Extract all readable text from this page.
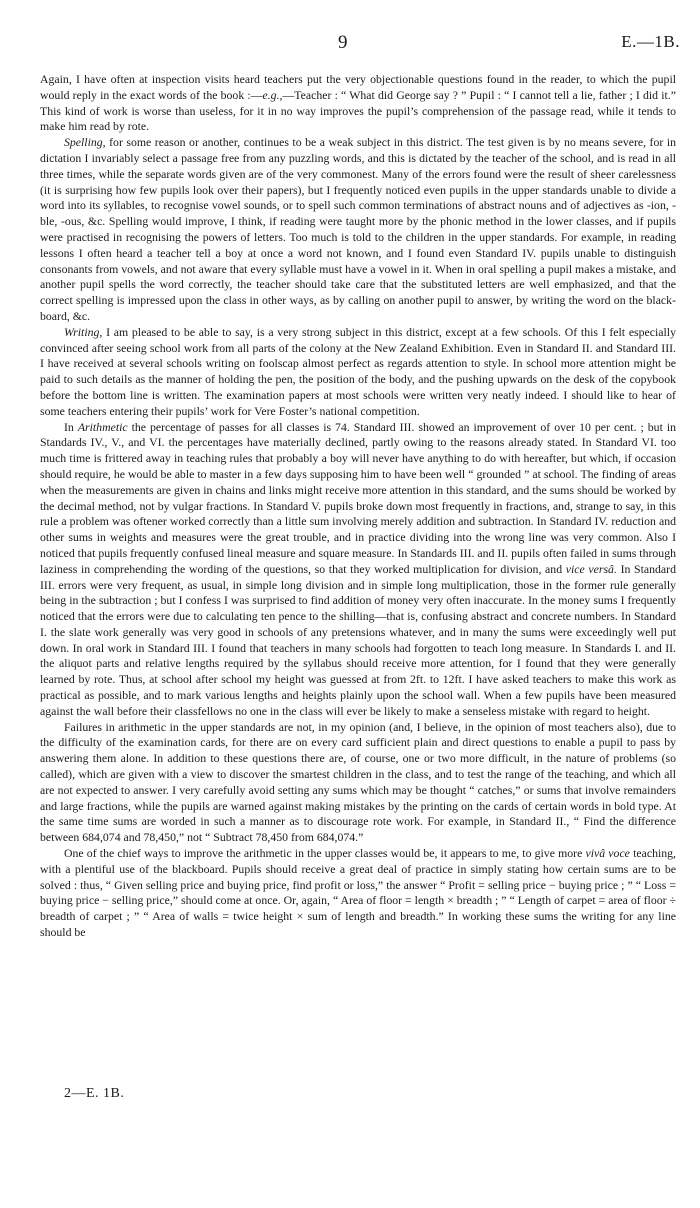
9	E.—1B.

Again, I have often at inspection visits heard teachers put the very objectionable questions found in the reader, to which the pupil would reply in the exact words of the book :—e.g.,—Teacher : “ What did George say ? ” Pupil : “ I cannot tell a lie, father ; I did it.” This kind of work is worse than useless, for it in no way improves the pupil’s comprehension of the passage read, while it tends to make him read by rote.

Spelling, for some reason or another, continues to be a weak subject in this district. The test given is by no means severe, for in dictation I invariably select a passage free from any puzzling words, and this is dictated by the teacher of the school, and is read in all three times, while the separate words given are of the very commonest. Many of the errors found were the result of sheer carelessness (it is surprising how few pupils look over their papers), but I frequently noticed even pupils in the upper standards unable to divide a word into its syllables, to recognise vowel sounds, or to spell such common terminations of abstract nouns and of adjectives as -ion, -ble, -ous, &c. Spelling would improve, I think, if reading were taught more by the phonic method in the lower classes, and if pupils were practised in recognising the powers of letters. Too much is told to the children in the upper standards. For example, in reading lessons I often heard a teacher tell a boy at once a word not known, and I found even Standard IV. pupils unable to distinguish consonants from vowels, and not aware that every syllable must have a vowel in it. When in oral spelling a pupil makes a mistake, and another pupil spells the word correctly, the teacher should take care that the substituted letters are well emphasized, and that the correct spelling is impressed upon the class in other ways, as by calling on another pupil to answer, by writing the word on the black-board, &c.

Writing, I am pleased to be able to say, is a very strong subject in this district, except at a few schools. Of this I felt especially convinced after seeing school work from all parts of the colony at the New Zealand Exhibition. Even in Standard II. and Standard III. I have received at several schools writing on foolscap almost perfect as regards attention to style. In school more attention might be paid to such details as the manner of holding the pen, the position of the body, and the pushing upwards on the desk of the copybook before the bottom line is written. The examination papers at most schools were written very neatly indeed. I should like to hear of some teachers entering their pupils’ work for Vere Foster’s national competition.

In Arithmetic the percentage of passes for all classes is 74. Standard III. showed an improvement of over 10 per cent. ; but in Standards IV., V., and VI. the percentages have materially declined, partly owing to the reasons already stated. In Standard VI. too much time is frittered away in teaching rules that probably a boy will never have anything to do with hereafter, but which, if occasion should require, he would be able to master in a few days supposing him to have been well “ grounded ” at school. The finding of areas when the measurements are given in chains and links might receive more attention in this standard, and the sums should be worked by the decimal method, not by vulgar fractions. In Standard V. pupils broke down most frequently in fractions, and, strange to say, in this rule a problem was oftener worked correctly than a little sum involving merely addition and subtraction. In Standard IV. reduction and other sums in weights and measures were the great trouble, and in practice dividing into the wrong line was very common. Also I noticed that pupils frequently confused lineal measure and square measure. In Standards III. and II. pupils often failed in sums through laziness in comprehending the wording of the questions, so that they worked multiplication for division, and vice versâ. In Standard III. errors were very frequent, as usual, in simple long division and in simple long multiplication, those in the former rule generally being in the subtraction ; but I confess I was surprised to find addition of money very often inaccurate. In the money sums I frequently noticed that the errors were due to calculating ten pence to the shilling—that is, confusing abstract and concrete numbers. In Standard I. the slate work generally was very good in schools of any pretensions whatever, and in many the sums were exceedingly well put down. In oral work in Standard III. I found that teachers in many schools had forgotten to teach long measure. In Standards I. and II. the aliquot parts and relative lengths required by the syllabus should receive more attention, for I found that they were generally learned by rote. Thus, at school after school my height was guessed at from 2ft. to 12ft. I have asked teachers to make this work as practical as possible, and to mark various lengths and heights plainly upon the school wall. When a few pupils have been measured against the wall before their classfellows no one in the class will ever be likely to make a senseless mistake with regard to height.

Failures in arithmetic in the upper standards are not, in my opinion (and, I believe, in the opinion of most teachers also), due to the difficulty of the examination cards, for there are on every card sufficient plain and direct questions to enable a pupil to pass by answering them alone. In addition to these questions there are, of course, one or two more difficult, in the nature of problems (so called), which are given with a view to discover the smartest children in the class, and to test the range of the teaching, and which all are not expected to answer. I very carefully avoid setting any sums which may be thought “ catches,” or sums that involve remainders and large fractions, while the pupils are warned against making mistakes by the printing on the cards of certain words in bold type. At the same time sums are worded in such a manner as to discourage rote work. For example, in Standard II., “ Find the difference between 684,074 and 78,450,” not “ Subtract 78,450 from 684,074.”

One of the chief ways to improve the arithmetic in the upper classes would be, it appears to me, to give more vivâ voce teaching, with a plentiful use of the blackboard. Pupils should receive a great deal of practice in simply stating how certain sums are to be solved : thus, “ Given selling price and buying price, find profit or loss,” the answer “ Profit = selling price − buying price ; ” “ Loss = buying price − selling price,” should come at once. Or, again, “ Area of floor = length × breadth ; ” “ Length of carpet = area of floor ÷ breadth of carpet ; ” “ Area of walls = twice height × sum of length and breadth.” In working these sums the writing for any line should be

2—E. 1B.
